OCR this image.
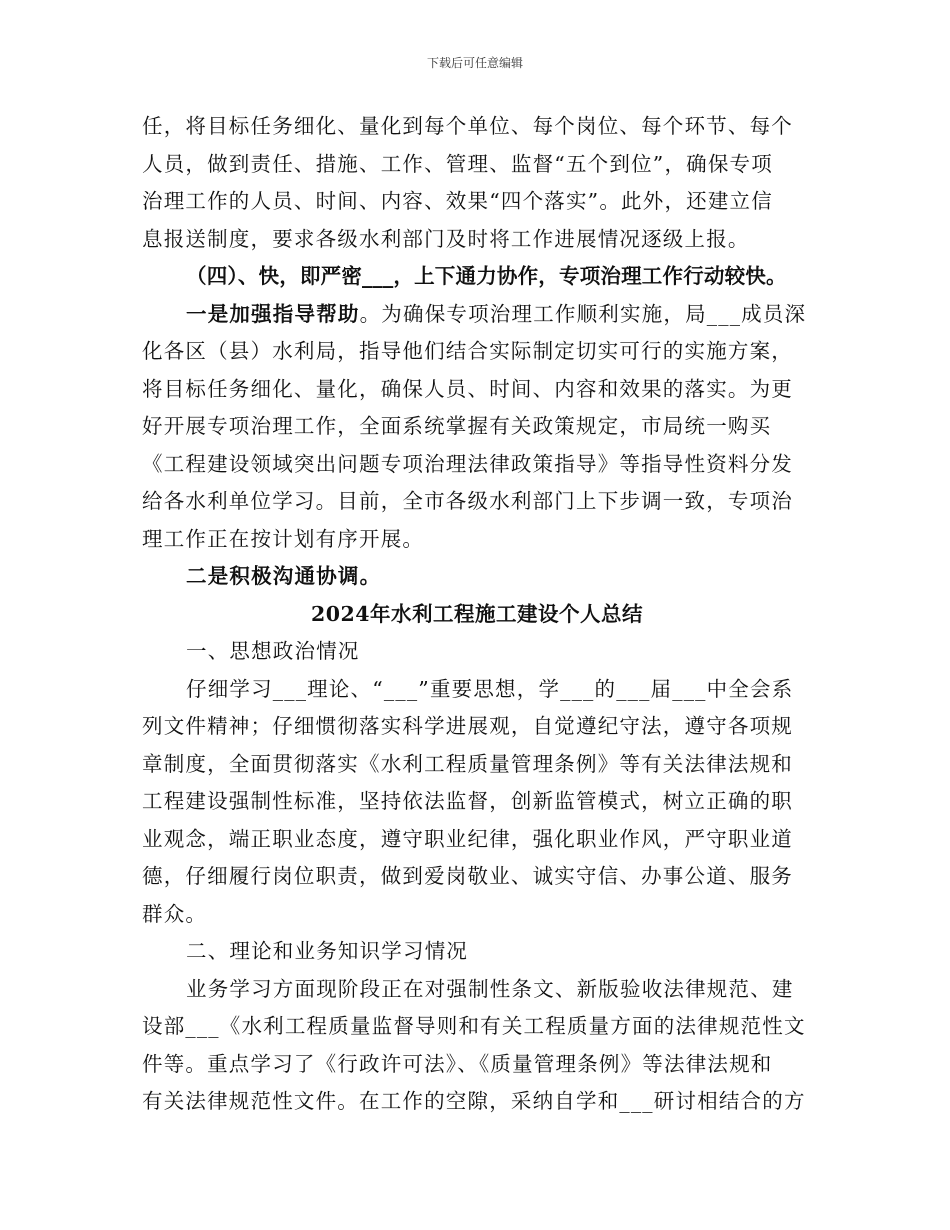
下载后可任意编辑
任，将目标任务细化、量化到每个单位、每个岗位、每个环节、每个
人员，做到责任、措施、工作、管理、监督“五个到位”，确保专项
治理工作的人员、时间、内容、效果“四个落实”。此外，还建立信
息报送制度，要求各级水利部门及时将工作进展情况逐级上报。
（四）、快，即严密___，上下通力协作，专项治理工作行动较快。
一是加强指导帮助。为确保专项治理工作顺利实施，局___成员深
化各区（县）水利局，指导他们结合实际制定切实可行的实施方案，
将目标任务细化、量化，确保人员、时间、内容和效果的落实。为更
好开展专项治理工作，全面系统掌握有关政策规定，市局统一购买
《工程建设领域突出问题专项治理法律政策指导》等指导性资料分发
给各水利单位学习。目前，全市各级水利部门上下步调一致，专项治
理工作正在按计划有序开展。
二是积极沟通协调。
2024年水利工程施工建设个人总结
一、思想政治情况
仔细学习___理论、“___”重要思想，学___的___届___中全会系
列文件精神；仔细惯彻落实科学进展观，自觉遵纪守法，遵守各项规
章制度，全面贯彻落实《水利工程质量管理条例》等有关法律法规和
工程建设强制性标准，坚持依法监督，创新监管模式，树立正确的职
业观念，端正职业态度，遵守职业纪律，强化职业作风，严守职业道
德，仔细履行岗位职责，做到爱岗敬业、诚实守信、办事公道、服务
群众。
二、理论和业务知识学习情况
业务学习方面现阶段正在对强制性条文、新版验收法律规范、建
设部___《水利工程质量监督导则和有关工程质量方面的法律规范性文
件等。重点学习了《行政许可法》、《质量管理条例》等法律法规和
有关法律规范性文件。在工作的空隙，采纳自学和___研讨相结合的方
